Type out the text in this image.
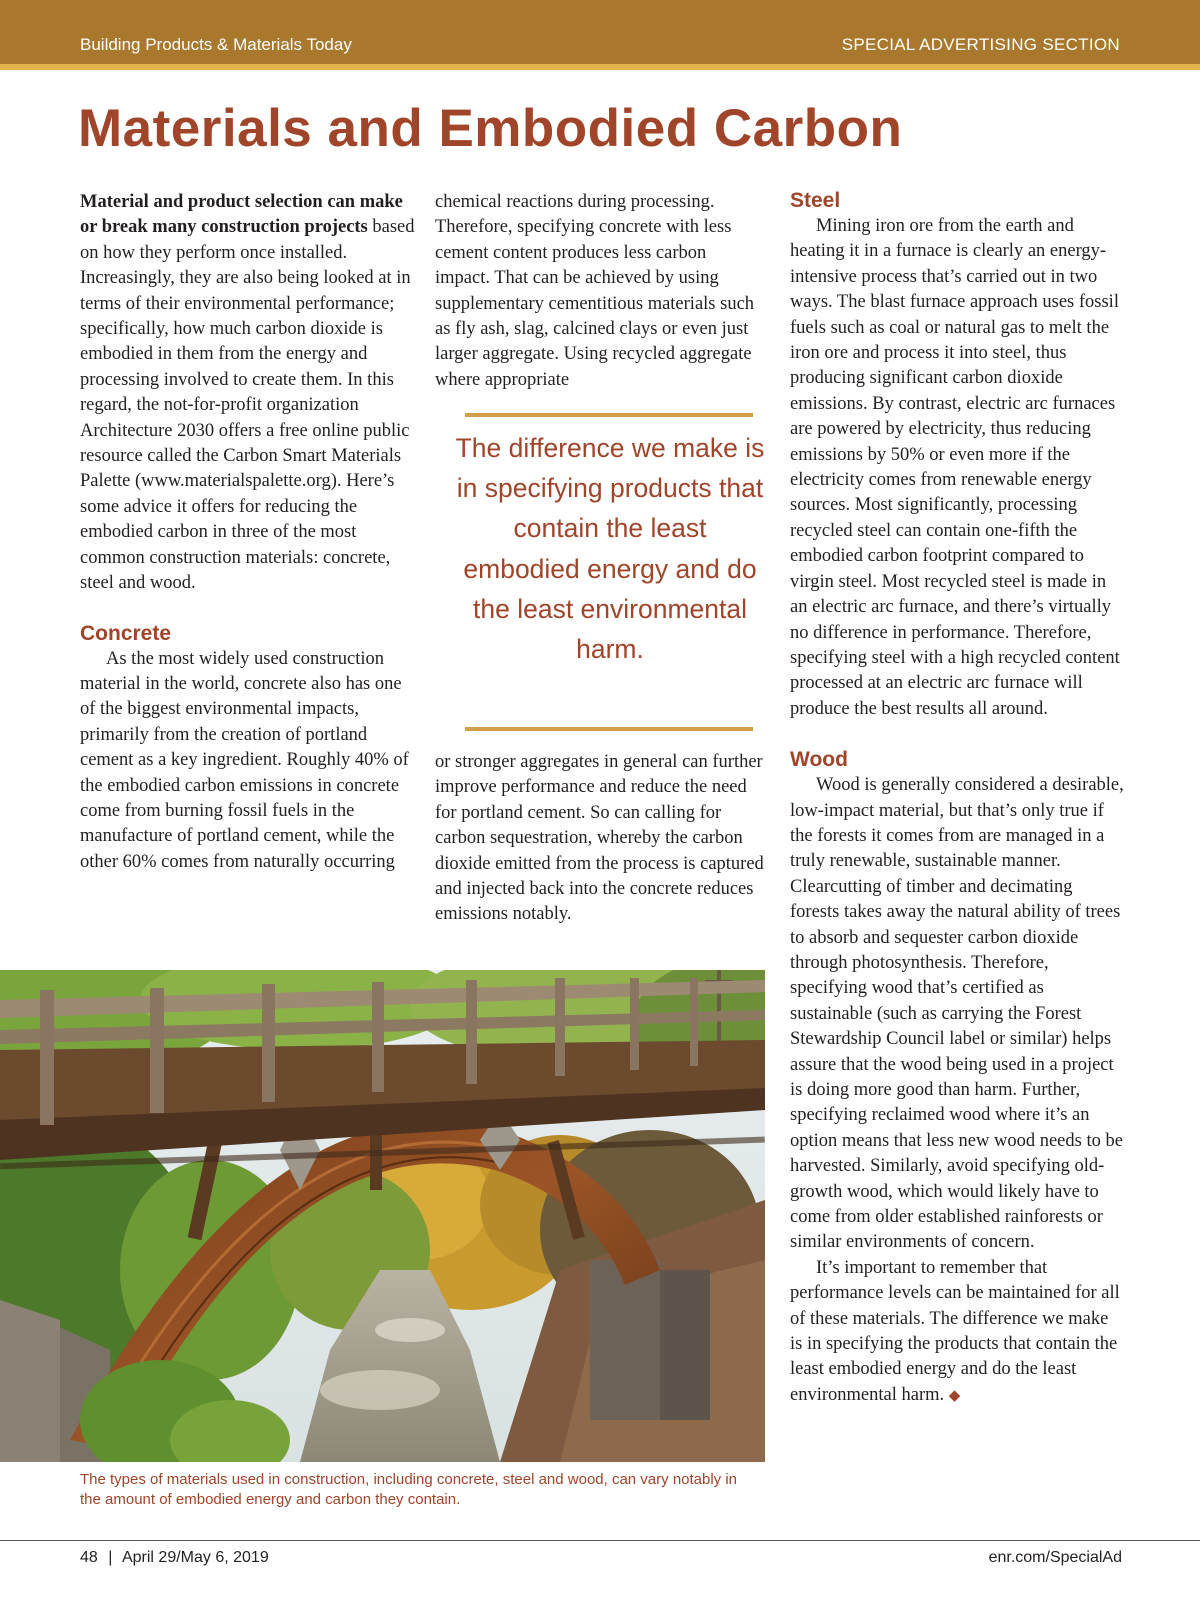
Building Products & Materials Today	SPECIAL ADVERTISING SECTION
Materials and Embodied Carbon

Material and product selection can make or break many construction projects based on how they perform once installed. Increasingly, they are also being looked at in terms of their environmental performance; specifically, how much carbon dioxide is embodied in them from the energy and processing involved to create them. In this regard, the not-for-profit organization Architecture 2030 offers a free online public resource called the Carbon Smart Materials Palette (www.materialspalette.org). Here’s some advice it offers for reducing the embodied carbon in three of the most common construction materials: concrete, steel and wood.

Concrete

As the most widely used construction material in the world, concrete also has one of the biggest environmental impacts, primarily from the creation of portland cement as a key ingredient. Roughly 40% of the embodied carbon emissions in concrete come from burning fossil fuels in the manufacture of portland cement, while the other 60% comes from naturally occurring

chemical reactions during processing. Therefore, specifying concrete with less cement content produces less carbon impact. That can be achieved by using supplementary cementitious materials such as fly ash, slag, calcined clays or even just larger aggregate. Using recycled aggregate where appropriate

The difference we make is in specifying products that contain the least embodied energy and do the least environmental harm.

or stronger aggregates in general can further improve performance and reduce the need for portland cement. So can calling for carbon sequestration, whereby the carbon dioxide emitted from the process is captured and injected back into the concrete reduces emissions notably.

Steel

Mining iron ore from the earth and heating it in a furnace is clearly an energy-intensive process that’s carried out in two ways. The blast furnace approach uses fossil fuels such as coal or natural gas to melt the iron ore and process it into steel, thus producing significant carbon dioxide emissions. By contrast, electric arc furnaces are powered by electricity, thus reducing emissions by 50% or even more if the electricity comes from renewable energy sources. Most significantly, processing recycled steel can contain one-fifth the embodied carbon footprint compared to virgin steel. Most recycled steel is made in an electric arc furnace, and there’s virtually no difference in performance. Therefore, specifying steel with a high recycled content processed at an electric arc furnace will produce the best results all around.

Wood

Wood is generally considered a desirable, low-impact material, but that’s only true if the forests it comes from are managed in a truly renewable, sustainable manner. Clearcutting of timber and decimating forests takes away the natural ability of trees to absorb and sequester carbon dioxide through photosynthesis. Therefore, specifying wood that’s certified as sustainable (such as carrying the Forest Stewardship Council label or similar) helps assure that the wood being used in a project is doing more good than harm. Further, specifying reclaimed wood where it’s an option means that less new wood needs to be harvested. Similarly, avoid specifying old-growth wood, which would likely have to come from older established rainforests or similar environments of concern.

It’s important to remember that performance levels can be maintained for all of these materials. The difference we make is in specifying the products that contain the least embodied energy and do the least environmental harm. ◆

The types of materials used in construction, including concrete, steel and wood, can vary notably in the amount of embodied energy and carbon they contain.
48 | April 29/May 6, 2019	enr.com/SpecialAd
